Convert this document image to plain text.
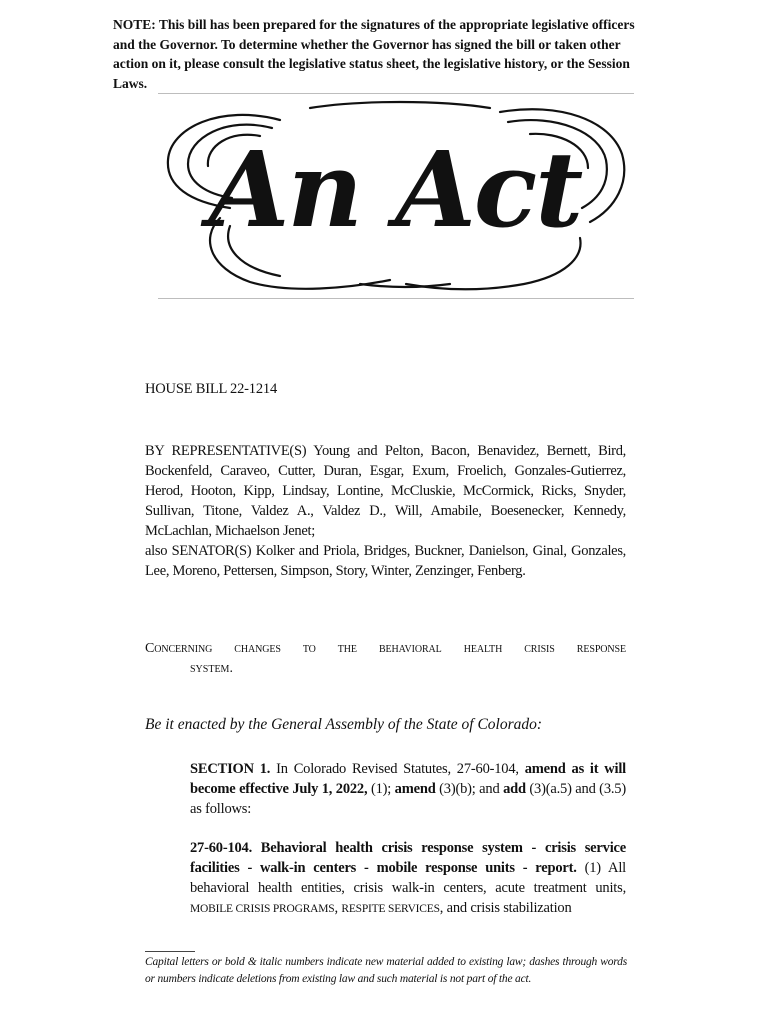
NOTE: This bill has been prepared for the signatures of the appropriate legislative officers and the Governor. To determine whether the Governor has signed the bill or taken other action on it, please consult the legislative status sheet, the legislative history, or the Session Laws.
An Act
HOUSE BILL 22-1214

BY REPRESENTATIVE(S) Young and Pelton, Bacon, Benavidez, Bernett, Bird, Bockenfeld, Caraveo, Cutter, Duran, Esgar, Exum, Froelich, Gonzales-Gutierrez, Herod, Hooton, Kipp, Lindsay, Lontine, McCluskie, McCormick, Ricks, Snyder, Sullivan, Titone, Valdez A., Valdez D., Will, Amabile, Boesenecker, Kennedy, McLachlan, Michaelson Jenet;

also SENATOR(S) Kolker and Priola, Bridges, Buckner, Danielson, Ginal, Gonzales, Lee, Moreno, Pettersen, Simpson, Story, Winter, Zenzinger, Fenberg.

Concerning changes to the behavioral health crisis response
system.
Be it enacted by the General Assembly of the State of Colorado:

SECTION 1. In Colorado Revised Statutes, 27-60-104, amend as it will become effective July 1, 2022, (1); amend (3)(b); and add (3)(a.5) and (3.5) as follows:

27-60-104. Behavioral health crisis response system - crisis service facilities - walk-in centers - mobile response units - report. (1) All behavioral health entities, crisis walk-in centers, acute treatment units, MOBILE CRISIS PROGRAMS, RESPITE SERVICES, and crisis stabilization

Capital letters or bold & italic numbers indicate new material added to existing law; dashes through words or numbers indicate deletions from existing law and such material is not part of the act.
